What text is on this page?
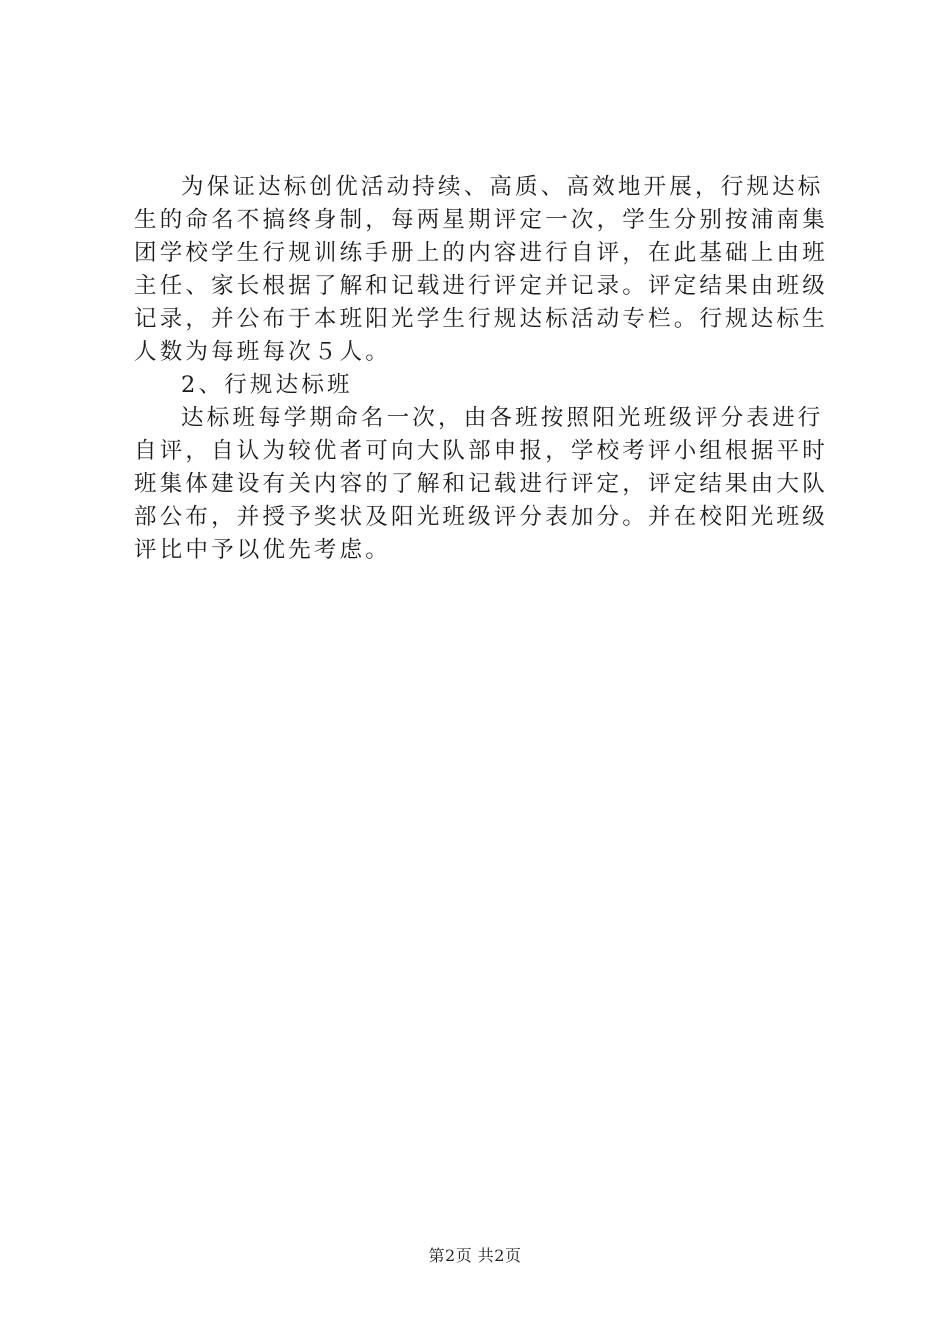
为保证达标创优活动持续、高质、高效地开展，行规达标
生的命名不搞终身制，每两星期评定一次，学生分别按浦南集
团学校学生行规训练手册上的内容进行自评，在此基础上由班
主任、家长根据了解和记载进行评定并记录。评定结果由班级
记录，并公布于本班阳光学生行规达标活动专栏。行规达标生
人数为每班每次５人。
2、行规达标班
达标班每学期命名一次，由各班按照阳光班级评分表进行
自评，自认为较优者可向大队部申报，学校考评小组根据平时
班集体建设有关内容的了解和记载进行评定，评定结果由大队
部公布，并授予奖状及阳光班级评分表加分。并在校阳光班级
评比中予以优先考虑。
第2页 共2页
